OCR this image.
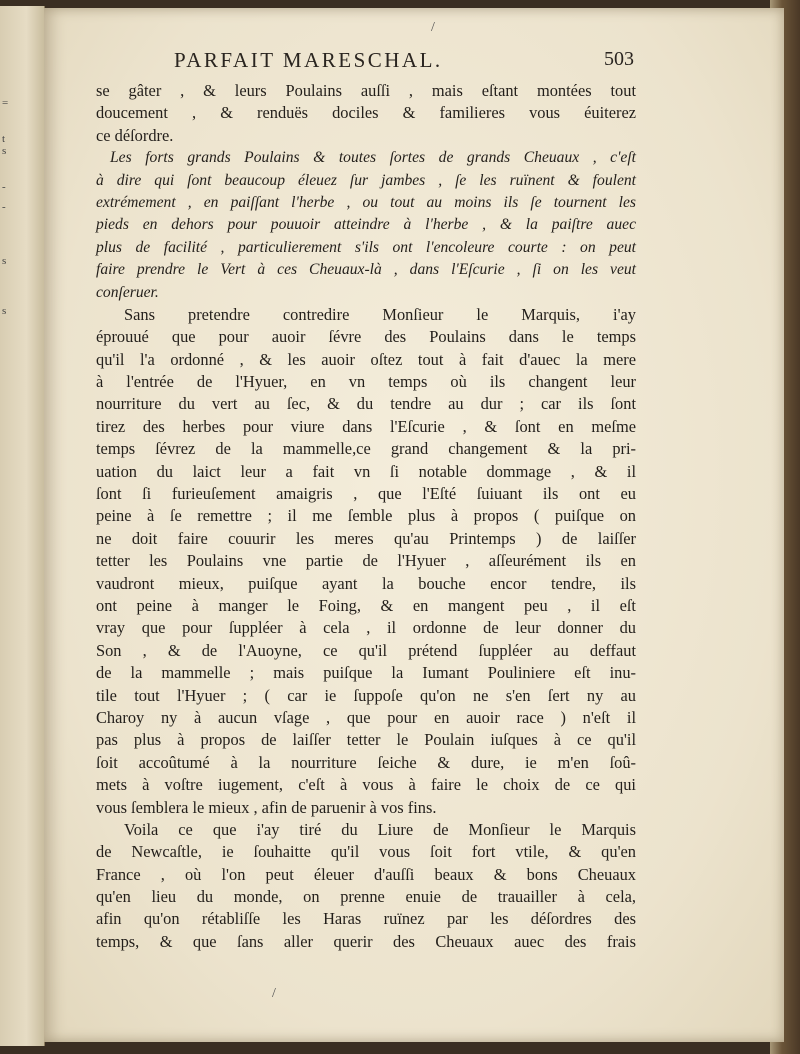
=
t
s
-
-
s
s
/
PARFAIT MARESCHAL.	503
se gâter , & leurs Poulains auſſi , mais eſtant montées tout
doucement , & renduës dociles & familieres vous éuiterez
ce déſordre.
Les forts grands Poulains & toutes ſortes de grands Cheuaux , c'eſt
à dire qui ſont beaucoup éleuez ſur jambes , ſe les ruïnent & foulent
extrémement , en paiſſant l'herbe , ou tout au moins ils ſe tournent les
pieds en dehors pour pouuoir atteindre à l'herbe , & la paiſtre auec
plus de facilité , particulierement s'ils ont l'encoleure courte : on peut
faire prendre le Vert à ces Cheuaux-là , dans l'Eſcurie , ſi on les veut
conſeruer.
Sans pretendre contredire Monſieur le Marquis, i'ay
éprouué que pour auoir ſévre des Poulains dans le temps
qu'il l'a ordonné , & les auoir oſtez tout à fait d'auec la mere
à l'entrée de l'Hyuer, en vn temps où ils changent leur
nourriture du vert au ſec, & du tendre au dur ; car ils ſont
tirez des herbes pour viure dans l'Eſcurie , & ſont en meſme
temps ſévrez de la mammelle,ce grand changement & la pri-
uation du laict leur a fait vn ſi notable dommage , & il
ſont ſi furieuſement amaigris , que l'Eſté ſuiuant ils ont eu
peine à ſe remettre ; il me ſemble plus à propos ( puiſque on
ne doit faire couurir les meres qu'au Printemps ) de laiſſer
tetter les Poulains vne partie de l'Hyuer , aſſeurément ils en
vaudront mieux, puiſque ayant la bouche encor tendre, ils
ont peine à manger le Foing, & en mangent peu , il eſt
vray que pour ſuppléer à cela , il ordonne de leur donner du
Son , & de l'Auoyne, ce qu'il prétend ſuppléer au deffaut
de la mammelle ; mais puiſque la Iumant Pouliniere eſt inu-
tile tout l'Hyuer ; ( car ie ſuppoſe qu'on ne s'en ſert ny au
Charoy ny à aucun vſage , que pour en auoir race ) n'eſt il
pas plus à propos de laiſſer tetter le Poulain iuſques à ce qu'il
ſoit accoûtumé à la nourriture ſeiche & dure, ie m'en ſoû-
mets à voſtre iugement, c'eſt à vous à faire le choix de ce qui
vous ſemblera le mieux , afin de paruenir à vos fins.
Voila ce que i'ay tiré du Liure de Monſieur le Marquis
de Newcaſtle, ie ſouhaitte qu'il vous ſoit fort vtile, & qu'en
France , où l'on peut éleuer d'auſſi beaux & bons Cheuaux
qu'en lieu du monde, on prenne enuie de trauailler à cela,
afin qu'on rétabliſſe les Haras ruïnez par les déſordres des
temps, & que ſans aller querir des Cheuaux auec des frais
/
